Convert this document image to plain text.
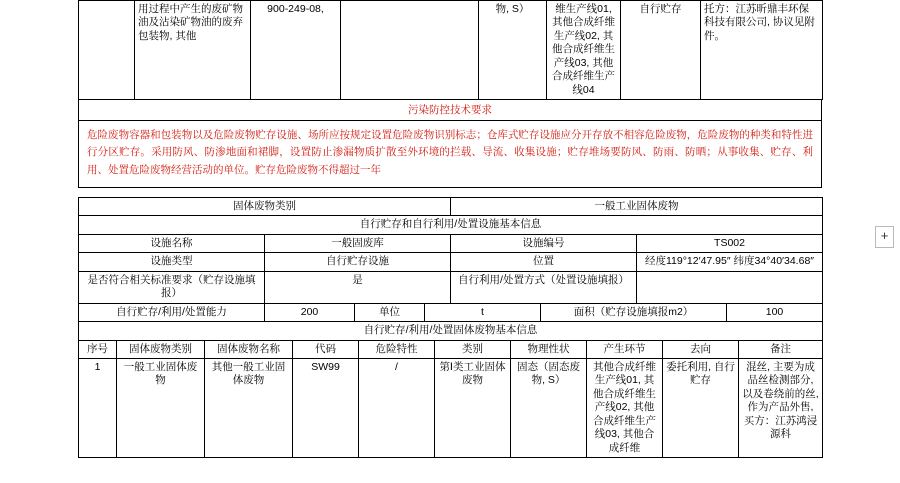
	用过程中产生的废矿物油及沾染矿物油的废弃包装物, 其他	900-249-08,		物, S）	维生产线01, 其他合成纤维生产线02, 其他合成纤维生产线03, 其他合成纤维生产线04	自行贮存	托方：江苏昕鼎丰环保科技有限公司, 协议见附件。
污染防控技术要求
危险废物容器和包装物以及危险废物贮存设施、场所应按规定设置危险废物识别标志；仓库式贮存设施应分开存放不相容危险废物，危险废物的种类和特性进行分区贮存。采用防风、防渗地面和裙脚，设置防止渗漏物质扩散至外环境的拦载、导流、收集设施；贮存堆场要防风、防雨、防晒；从事收集、贮存、利用、处置危险废物经营活动的单位。贮存危险废物不得超过一年
固体废物类别		一般工业固体废物	
自行贮存和自行利用/处置设施基本信息			
设施名称	一般固废库	设施编号	TS002
设施类型	自行贮存设施	位置	经度119°12′47.95″ 纬度34°40′34.68″
是否符合相关标准要求（贮存设施填报）	是	自行利用/处置方式（处置设施填报）	
自行贮存/利用/处置能力	200	单位	t	面积（贮存设施填报m2）	100
自行贮存/利用/处置固体废物基本信息
序号	固体废物类别	固体废物名称	代码	危险特性	类别	物理性状	产生环节	去向	备注
1	一般工业固体废物	其他一般工业固体废物	SW99	/	第Ⅰ类工业固体废物	固态（固态废物, S）	其他合成纤维生产线01, 其他合成纤维生产线02, 其他合成纤维生产线03, 其他合成纤维	委托利用, 自行贮存	混丝, 主要为成品丝检测部分, 以及卷绕前的丝, 作为产品外售, 买方：江苏鸿浸源科
+
